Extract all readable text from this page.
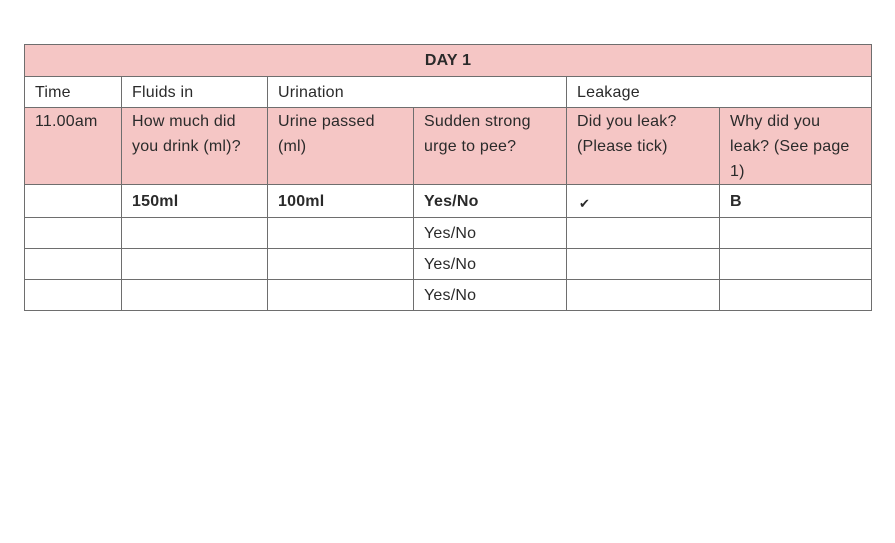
DAY 1					
Time	Fluids in	Urination		Leakage	
11.00am	How much did you drink (ml)?	Urine passed (ml)	Sudden strong urge to pee?	Did you leak? (Please tick)	Why did you leak? (See page 1)
	150ml	100ml	Yes/No	✔	B
			Yes/No		
			Yes/No		
			Yes/No		
